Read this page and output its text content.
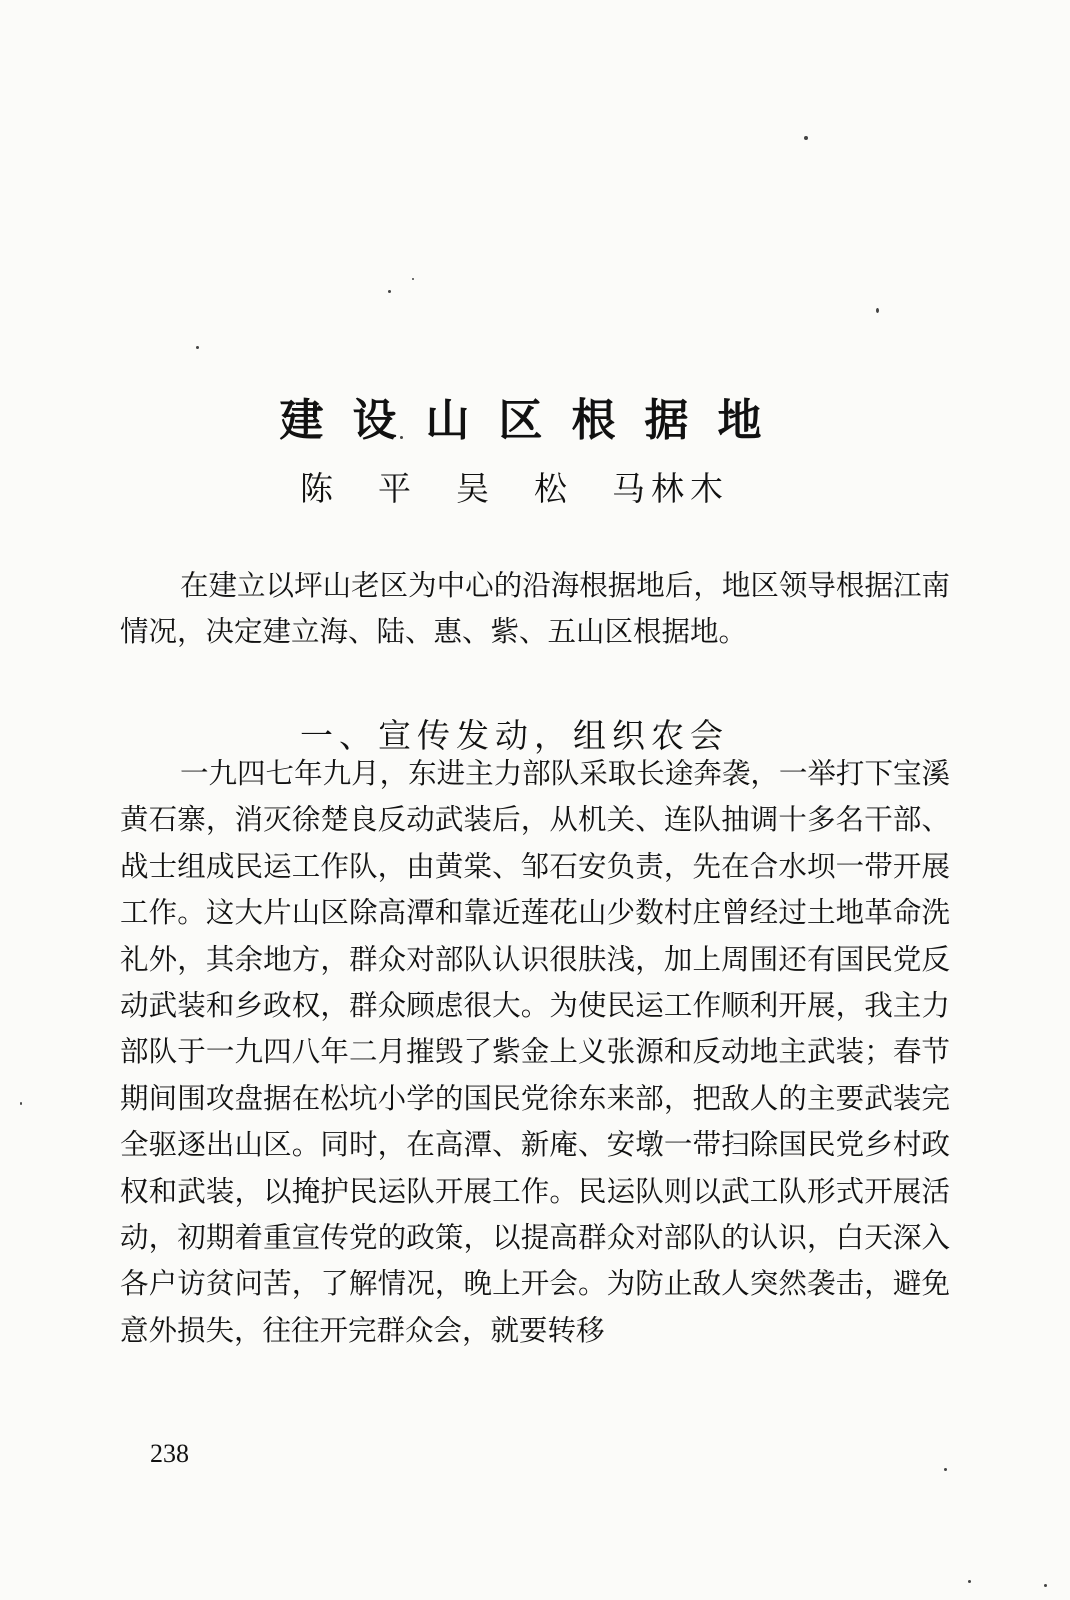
建设山区根据地
陈　平　吴　松　马林木

在建立以坪山老区为中心的沿海根据地后，地区领导根据江南情况，决定建立海、陆、惠、紫、五山区根据地。

一、宣传发动，组织农会

一九四七年九月，东进主力部队采取长途奔袭，一举打下宝溪黄石寨，消灭徐楚良反动武装后，从机关、连队抽调十多名干部、战士组成民运工作队，由黄棠、邹石安负责，先在合水坝一带开展工作。这大片山区除高潭和靠近莲花山少数村庄曾经过土地革命洗礼外，其余地方，群众对部队认识很肤浅，加上周围还有国民党反动武装和乡政权，群众顾虑很大。为使民运工作顺利开展，我主力部队于一九四八年二月摧毁了紫金上义张源和反动地主武装；春节期间围攻盘据在松坑小学的国民党徐东来部，把敌人的主要武装完全驱逐出山区。同时，在高潭、新庵、安墩一带扫除国民党乡村政权和武装，以掩护民运队开展工作。民运队则以武工队形式开展活动，初期着重宣传党的政策，以提高群众对部队的认识，白天深入各户访贫问苦，了解情况，晚上开会。为防止敌人突然袭击，避免意外损失，往往开完群众会，就要转移

238
